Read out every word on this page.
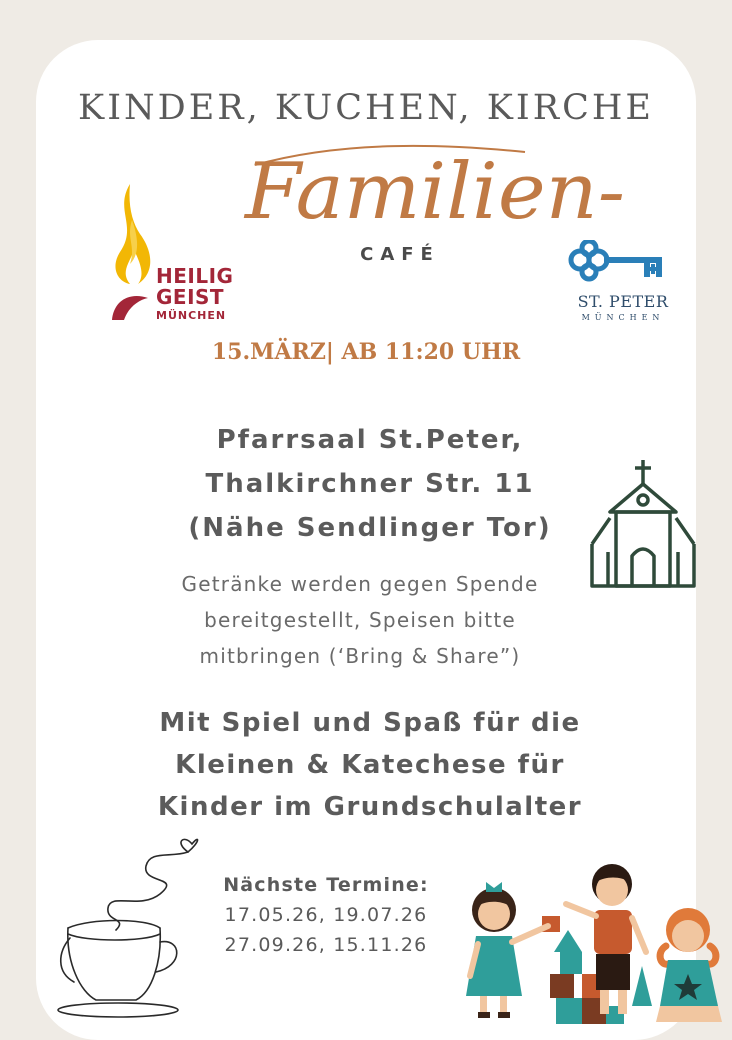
KINDER, KUCHEN, KIRCHE
Familien-
CAFÉ
HEILIG
GEIST
MÜNCHEN
ST. PETER
MÜNCHEN
15.MÄRZ| AB 11:20 UHR
Pfarrsaal St.Peter,
Thalkirchner Str. 11
(Nähe Sendlinger Tor)
Getränke werden gegen Spende
bereitgestellt, Speisen bitte
mitbringen (‘Bring & Share”)
Mit Spiel und Spaß für die
Kleinen & Katechese für
Kinder im Grundschulalter
Nächste Termine:
17.05.26, 19.07.26
27.09.26, 15.11.26
